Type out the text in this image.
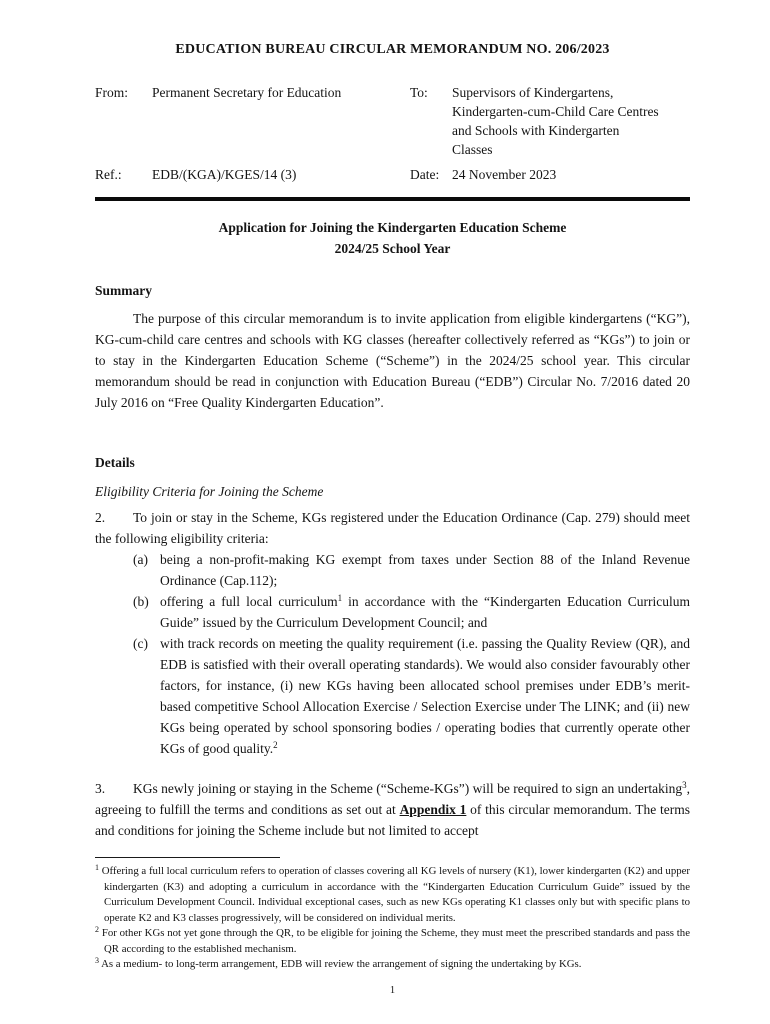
EDUCATION BUREAU CIRCULAR MEMORANDUM NO. 206/2023
From:	Permanent Secretary for Education	To:	Supervisors of Kindergartens,
Kindergarten-cum-Child Care Centres
and Schools with Kindergarten
Classes
Ref.:	EDB/(KGA)/KGES/14 (3)	Date: 24 November 2023
Application for Joining the Kindergarten Education Scheme
2024/25 School Year
Summary
The purpose of this circular memorandum is to invite application from eligible kindergartens (“KG”), KG-cum-child care centres and schools with KG classes (hereafter collectively referred as “KGs”) to join or to stay in the Kindergarten Education Scheme (“Scheme”) in the 2024/25 school year. This circular memorandum should be read in conjunction with Education Bureau (“EDB”) Circular No. 7/2016 dated 20 July 2016 on “Free Quality Kindergarten Education”.
Details
Eligibility Criteria for Joining the Scheme
2. To join or stay in the Scheme, KGs registered under the Education Ordinance (Cap. 279) should meet the following eligibility criteria:
(a) being a non-profit-making KG exempt from taxes under Section 88 of the Inland Revenue Ordinance (Cap.112);
(b) offering a full local curriculum$^1$ in accordance with the “Kindergarten Education Curriculum Guide” issued by the Curriculum Development Council; and
(c) with track records on meeting the quality requirement (i.e. passing the Quality Review (QR), and EDB is satisfied with their overall operating standards). We would also consider favourably other factors, for instance, (i) new KGs having been allocated school premises under EDB’s merit-based competitive School Allocation Exercise / Selection Exercise under The LINK; and (ii) new KGs being operated by school sponsoring bodies / operating bodies that currently operate other KGs of good quality.$^2$
3. KGs newly joining or staying in the Scheme (“Scheme-KGs”) will be required to sign an undertaking$^3$, agreeing to fulfill the terms and conditions as set out at Appendix 1 of this circular memorandum. The terms and conditions for joining the Scheme include but not limited to accept
$^1$ Offering a full local curriculum refers to operation of classes covering all KG levels of nursery (K1), lower kindergarten (K2) and upper kindergarten (K3) and adopting a curriculum in accordance with the “Kindergarten Education Curriculum Guide” issued by the Curriculum Development Council. Individual exceptional cases, such as new KGs operating K1 classes only but with specific plans to operate K2 and K3 classes progressively, will be considered on individual merits.
$^2$ For other KGs not yet gone through the QR, to be eligible for joining the Scheme, they must meet the prescribed standards and pass the QR according to the established mechanism.
$^3$ As a medium- to long-term arrangement, EDB will review the arrangement of signing the undertaking by KGs.
1
